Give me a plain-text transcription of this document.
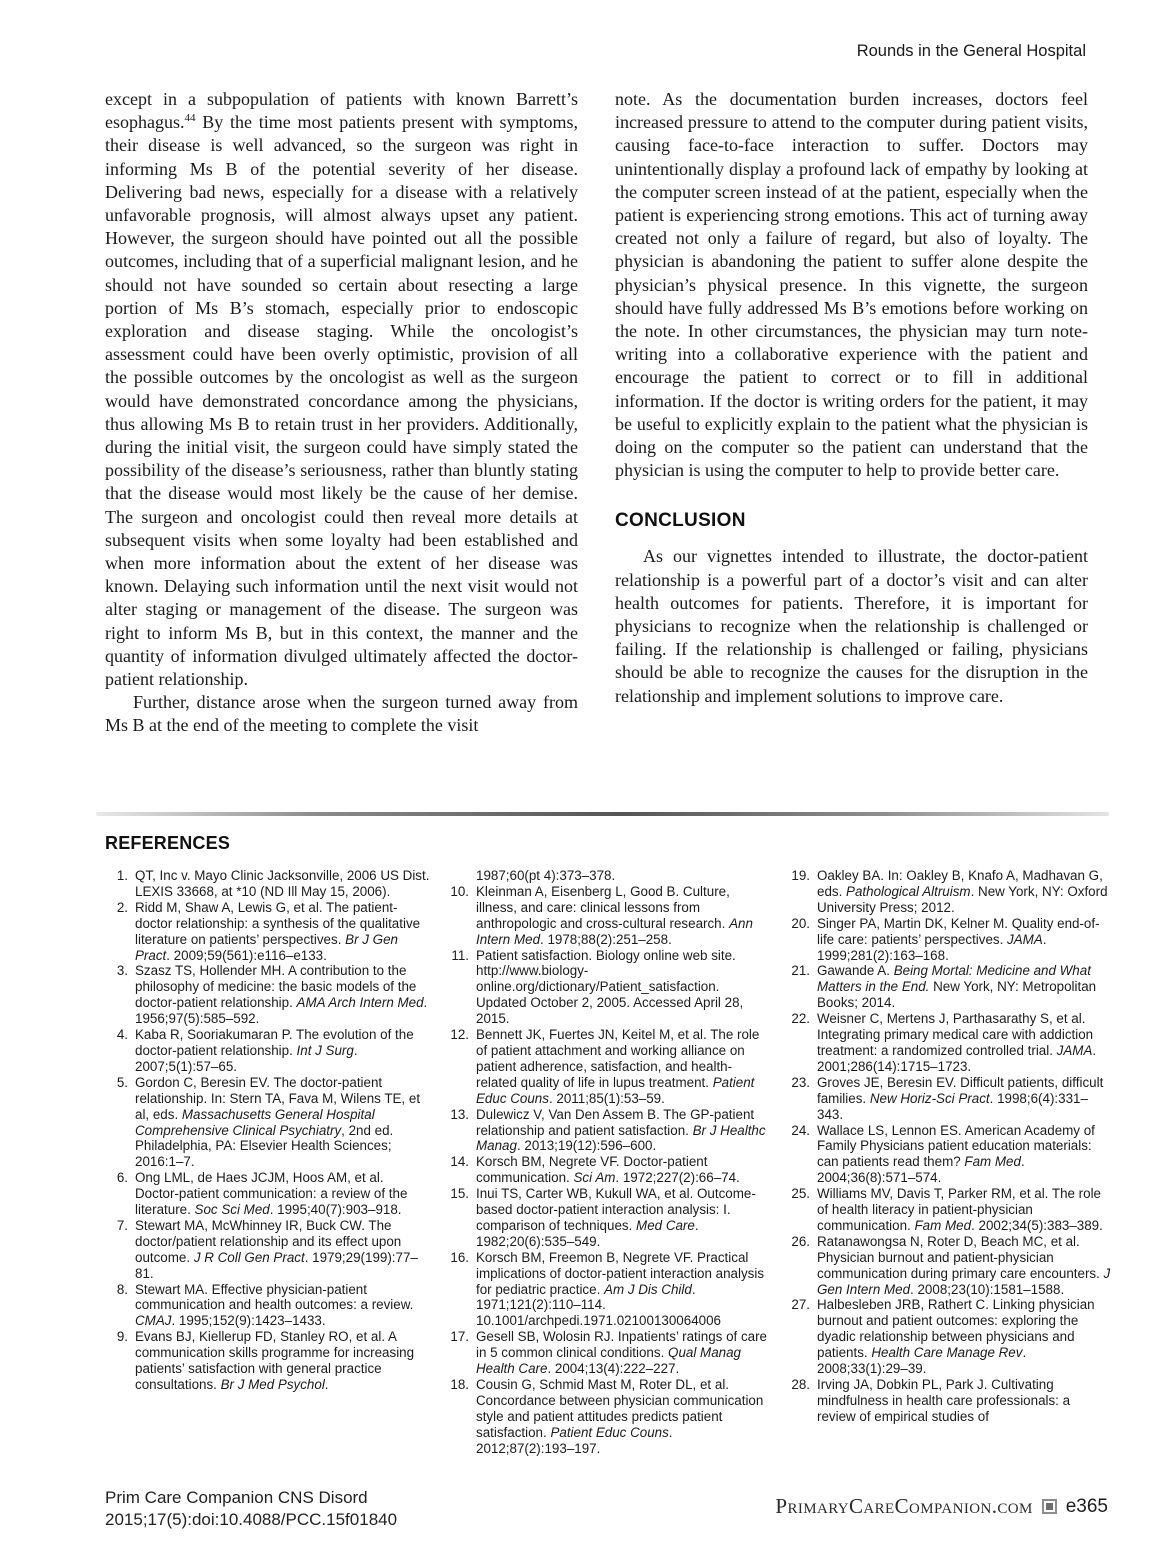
Rounds in the General Hospital

except in a subpopulation of patients with known Barrett’s esophagus.$^{44}$ By the time most patients present with symptoms, their disease is well advanced, so the surgeon was right in informing Ms B of the potential severity of her disease. Delivering bad news, especially for a disease with a relatively unfavorable prognosis, will almost always upset any patient. However, the surgeon should have pointed out all the possible outcomes, including that of a superficial malignant lesion, and he should not have sounded so certain about resecting a large portion of Ms B’s stomach, especially prior to endoscopic exploration and disease staging. While the oncologist’s assessment could have been overly optimistic, provision of all the possible outcomes by the oncologist as well as the surgeon would have demonstrated concordance among the physicians, thus allowing Ms B to retain trust in her providers. Additionally, during the initial visit, the surgeon could have simply stated the possibility of the disease’s seriousness, rather than bluntly stating that the disease would most likely be the cause of her demise. The surgeon and oncologist could then reveal more details at subsequent visits when some loyalty had been established and when more information about the extent of her disease was known. Delaying such information until the next visit would not alter staging or management of the disease. The surgeon was right to inform Ms B, but in this context, the manner and the quantity of information divulged ultimately affected the doctor-patient relationship.

Further, distance arose when the surgeon turned away from Ms B at the end of the meeting to complete the visit

note. As the documentation burden increases, doctors feel increased pressure to attend to the computer during patient visits, causing face-to-face interaction to suffer. Doctors may unintentionally display a profound lack of empathy by looking at the computer screen instead of at the patient, especially when the patient is experiencing strong emotions. This act of turning away created not only a failure of regard, but also of loyalty. The physician is abandoning the patient to suffer alone despite the physician’s physical presence. In this vignette, the surgeon should have fully addressed Ms B’s emotions before working on the note. In other circumstances, the physician may turn note-writing into a collaborative experience with the patient and encourage the patient to correct or to fill in additional information. If the doctor is writing orders for the patient, it may be useful to explicitly explain to the patient what the physician is doing on the computer so the patient can understand that the physician is using the computer to help to provide better care.

CONCLUSION

As our vignettes intended to illustrate, the doctor-patient relationship is a powerful part of a doctor’s visit and can alter health outcomes for patients. Therefore, it is important for physicians to recognize when the relationship is challenged or failing. If the relationship is challenged or failing, physicians should be able to recognize the causes for the disruption in the relationship and implement solutions to improve care.

REFERENCES
1. QT, Inc v. Mayo Clinic Jacksonville, 2006 US Dist. LEXIS 33668, at *10 (ND Ill May 15, 2006).
2. Ridd M, Shaw A, Lewis G, et al. The patient-doctor relationship: a synthesis of the qualitative literature on patients’ perspectives. Br J Gen Pract. 2009;59(561):e116–e133.
3. Szasz TS, Hollender MH. A contribution to the philosophy of medicine: the basic models of the doctor-patient relationship. AMA Arch Intern Med. 1956;97(5):585–592.
4. Kaba R, Sooriakumaran P. The evolution of the doctor-patient relationship. Int J Surg. 2007;5(1):57–65.
5. Gordon C, Beresin EV. The doctor-patient relationship. In: Stern TA, Fava M, Wilens TE, et al, eds. Massachusetts General Hospital Comprehensive Clinical Psychiatry, 2nd ed. Philadelphia, PA: Elsevier Health Sciences; 2016:1–7.
6. Ong LML, de Haes JCJM, Hoos AM, et al. Doctor-patient communication: a review of the literature. Soc Sci Med. 1995;40(7):903–918.
7. Stewart MA, McWhinney IR, Buck CW. The doctor/patient relationship and its effect upon outcome. J R Coll Gen Pract. 1979;29(199):77–81.
8. Stewart MA. Effective physician-patient communication and health outcomes: a review. CMAJ. 1995;152(9):1423–1433.
9. Evans BJ, Kiellerup FD, Stanley RO, et al. A communication skills programme for increasing patients’ satisfaction with general practice consultations. Br J Med Psychol.
1987;60(pt 4):373–378.
10. Kleinman A, Eisenberg L, Good B. Culture, illness, and care: clinical lessons from anthropologic and cross-cultural research. Ann Intern Med. 1978;88(2):251–258.
11. Patient satisfaction. Biology online web site. http://www.biology-online.org/dictionary/Patient_satisfaction. Updated October 2, 2005. Accessed April 28, 2015.
12. Bennett JK, Fuertes JN, Keitel M, et al. The role of patient attachment and working alliance on patient adherence, satisfaction, and health-related quality of life in lupus treatment. Patient Educ Couns. 2011;85(1):53–59.
13. Dulewicz V, Van Den Assem B. The GP-patient relationship and patient satisfaction. Br J Healthc Manag. 2013;19(12):596–600.
14. Korsch BM, Negrete VF. Doctor-patient communication. Sci Am. 1972;227(2):66–74.
15. Inui TS, Carter WB, Kukull WA, et al. Outcome-based doctor-patient interaction analysis: I. comparison of techniques. Med Care. 1982;20(6):535–549.
16. Korsch BM, Freemon B, Negrete VF. Practical implications of doctor-patient interaction analysis for pediatric practice. Am J Dis Child. 1971;121(2):110–114. 10.1001/archpedi.1971.02100130064006
17. Gesell SB, Wolosin RJ. Inpatients’ ratings of care in 5 common clinical conditions. Qual Manag Health Care. 2004;13(4):222–227.
18. Cousin G, Schmid Mast M, Roter DL, et al. Concordance between physician communication style and patient attitudes predicts patient satisfaction. Patient Educ Couns. 2012;87(2):193–197.
19. Oakley BA. In: Oakley B, Knafo A, Madhavan G, eds. Pathological Altruism. New York, NY: Oxford University Press; 2012.
20. Singer PA, Martin DK, Kelner M. Quality end-of-life care: patients’ perspectives. JAMA. 1999;281(2):163–168.
21. Gawande A. Being Mortal: Medicine and What Matters in the End. New York, NY: Metropolitan Books; 2014.
22. Weisner C, Mertens J, Parthasarathy S, et al. Integrating primary medical care with addiction treatment: a randomized controlled trial. JAMA. 2001;286(14):1715–1723.
23. Groves JE, Beresin EV. Difficult patients, difficult families. New Horiz-Sci Pract. 1998;6(4):331–343.
24. Wallace LS, Lennon ES. American Academy of Family Physicians patient education materials: can patients read them? Fam Med. 2004;36(8):571–574.
25. Williams MV, Davis T, Parker RM, et al. The role of health literacy in patient-physician communication. Fam Med. 2002;34(5):383–389.
26. Ratanawongsa N, Roter D, Beach MC, et al. Physician burnout and patient-physician communication during primary care encounters. J Gen Intern Med. 2008;23(10):1581–1588.
27. Halbesleben JRB, Rathert C. Linking physician burnout and patient outcomes: exploring the dyadic relationship between physicians and patients. Health Care Manage Rev. 2008;33(1):29–39.
28. Irving JA, Dobkin PL, Park J. Cultivating mindfulness in health care professionals: a review of empirical studies of
Prim Care Companion CNS Disord
2015;17(5):doi:10.4088/PCC.15f01840
PrimaryCareCompanion.com e365
